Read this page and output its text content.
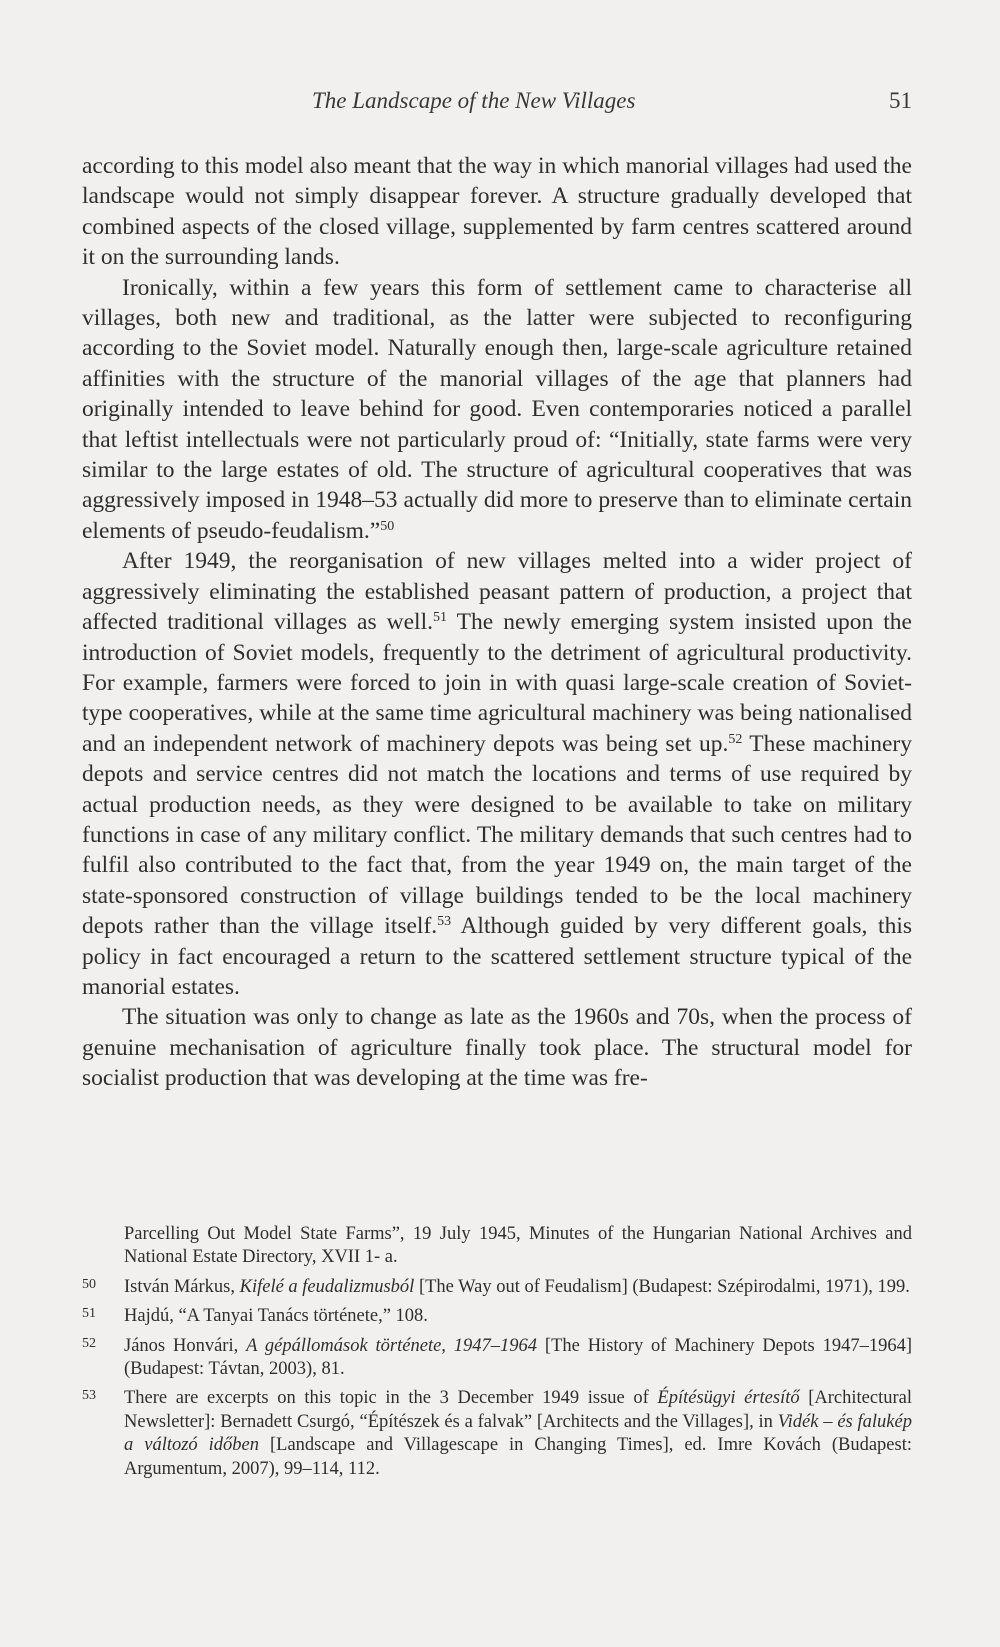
The Landscape of the New Villages	51

according to this model also meant that the way in which manorial villages had used the landscape would not simply disappear forever. A structure gradually developed that combined aspects of the closed village, supplemented by farm centres scattered around it on the surrounding lands.

Ironically, within a few years this form of settlement came to characterise all villages, both new and traditional, as the latter were subjected to reconfiguring according to the Soviet model. Naturally enough then, large-scale agriculture retained affinities with the structure of the manorial villages of the age that planners had originally intended to leave behind for good. Even contemporaries noticed a parallel that leftist intellectuals were not particularly proud of: “Initially, state farms were very similar to the large estates of old. The structure of agricultural cooperatives that was aggressively imposed in 1948–53 actually did more to preserve than to eliminate certain elements of pseudo-feudalism.”$^{50}$

After 1949, the reorganisation of new villages melted into a wider project of aggressively eliminating the established peasant pattern of production, a project that affected traditional villages as well.$^{51}$ The newly emerging system insisted upon the introduction of Soviet models, frequently to the detriment of agricultural productivity. For example, farmers were forced to join in with quasi large-scale creation of Soviet-type cooperatives, while at the same time agricultural machinery was being nationalised and an independent network of machinery depots was being set up.$^{52}$ These machinery depots and service centres did not match the locations and terms of use required by actual production needs, as they were designed to be available to take on military functions in case of any military conflict. The military demands that such centres had to fulfil also contributed to the fact that, from the year 1949 on, the main target of the state-sponsored construction of village buildings tended to be the local machinery depots rather than the village itself.$^{53}$ Although guided by very different goals, this policy in fact encouraged a return to the scattered settlement structure typical of the manorial estates.

The situation was only to change as late as the 1960s and 70s, when the process of genuine mechanisation of agriculture finally took place. The structural model for socialist production that was developing at the time was fre-

Parcelling Out Model State Farms”, 19 July 1945, Minutes of the Hungarian National Archives and National Estate Directory, XVII 1- a.

50 István Márkus, Kifelé a feudalizmusból [The Way out of Feudalism] (Budapest: Szépirodalmi, 1971), 199.

51 Hajdú, “A Tanyai Tanács története,” 108.

52 János Honvári, A gépállomások története, 1947–1964 [The History of Machinery Depots 1947–1964] (Budapest: Távtan, 2003), 81.

53 There are excerpts on this topic in the 3 December 1949 issue of Építésügyi értesítő [Architectural Newsletter]: Bernadett Csurgó, “Építészek és a falvak” [Architects and the Villages], in Vidék – és falukép a változó időben [Landscape and Villagescape in Changing Times], ed. Imre Kovách (Budapest: Argumentum, 2007), 99–114, 112.
